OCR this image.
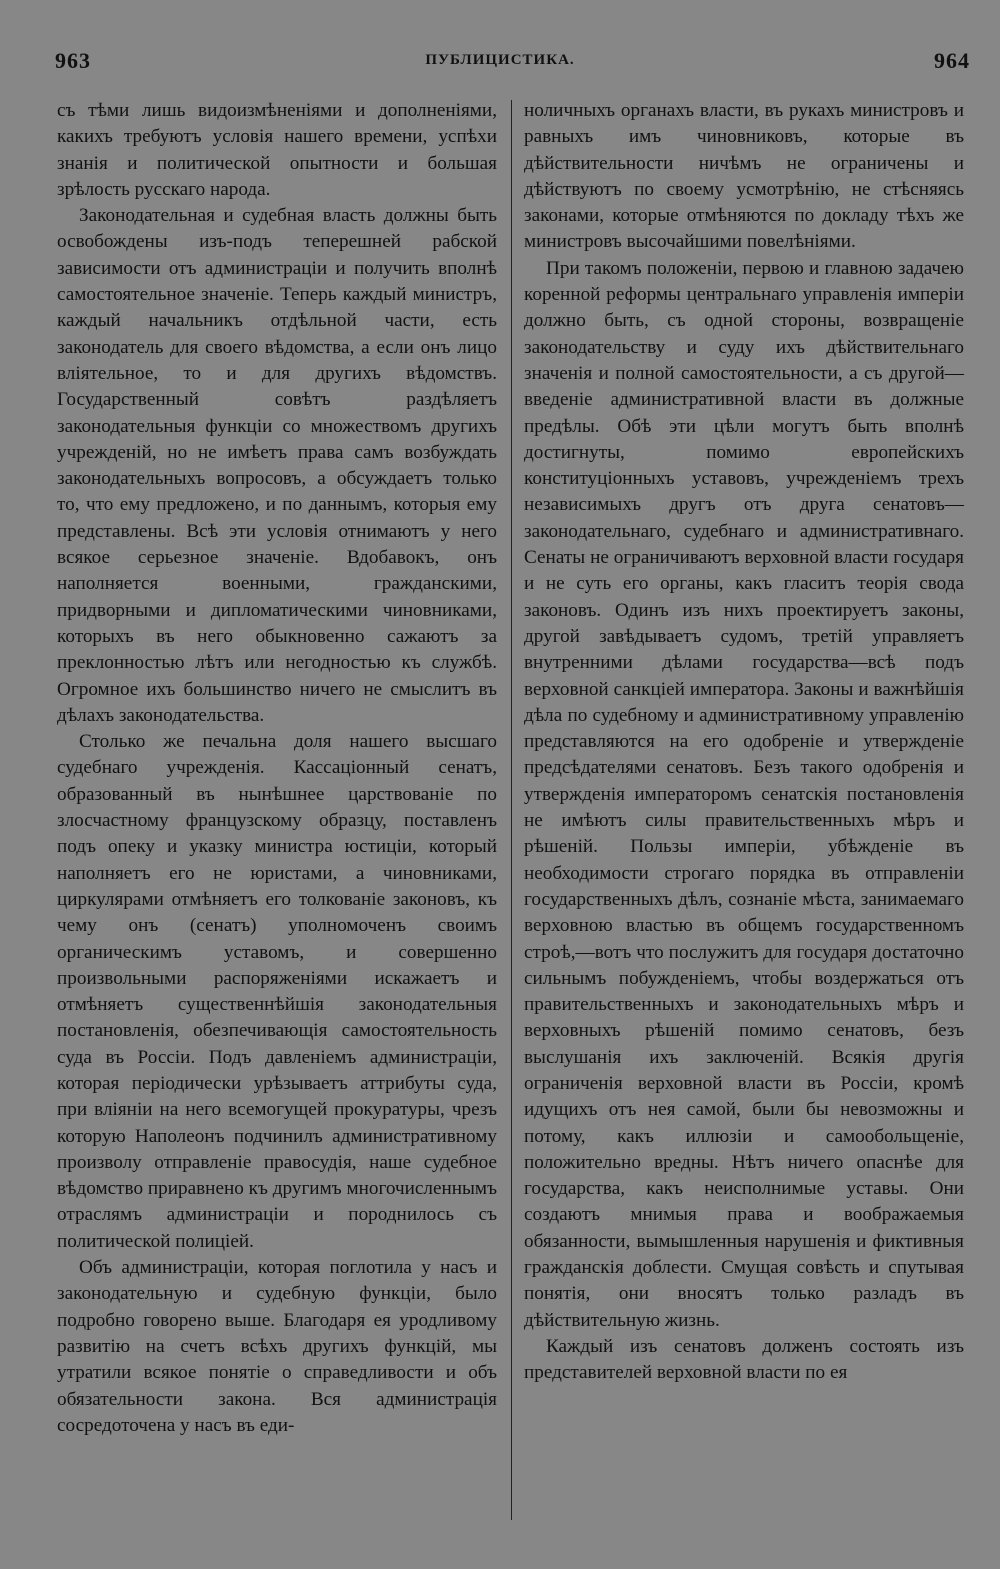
963	ПУБЛИЦИСТИКА.	964

съ тѣми лишь видоизмѣненіями и дополненіями, какихъ требуютъ условія нашего времени, успѣхи знанія и политической опытности и большая зрѣлость русскаго народа.

Законодательная и судебная власть должны быть освобождены изъ-подъ теперешней рабской зависимости отъ администраціи и получить вполнѣ самостоятельное значеніе. Теперь каждый министръ, каждый начальникъ отдѣльной части, есть законодатель для своего вѣдомства, а если онъ лицо вліятельное, то и для другихъ вѣдомствъ. Государственный совѣтъ раздѣляетъ законодательныя функціи со множествомъ другихъ учрежденій, но не имѣетъ права самъ возбуждать законодательныхъ вопросовъ, а обсуждаетъ только то, что ему предложено, и по даннымъ, которыя ему представлены. Всѣ эти условія отнимаютъ у него всякое серьезное значеніе. Вдобавокъ, онъ наполняется военными, гражданскими, придворными и дипломатическими чиновниками, которыхъ въ него обыкновенно сажаютъ за преклонностью лѣтъ или негодностью къ службѣ. Огромное ихъ большинство ничего не смыслитъ въ дѣлахъ законодательства.

Столько же печальна доля нашего высшаго судебнаго учрежденія. Кассаціонный сенатъ, образованный въ нынѣшнее царствованіе по злосчастному французскому образцу, поставленъ подъ опеку и указку министра юстиціи, который наполняетъ его не юристами, а чиновниками, циркулярами отмѣняетъ его толкованіе законовъ, къ чему онъ (сенатъ) уполномоченъ своимъ органическимъ уставомъ, и совершенно произвольными распоряженіями искажаетъ и отмѣняетъ существеннѣйшія законодательныя постановленія, обезпечивающія самостоятельность суда въ Россіи. Подъ давленіемъ администраціи, которая періодически урѣзываетъ аттрибуты суда, при вліяніи на него всемогущей прокуратуры, чрезъ которую Наполеонъ подчинилъ административному произволу отправленіе правосудія, наше судебное вѣдомство приравнено къ другимъ многочисленнымъ отраслямъ администраціи и породнилось съ политической полиціей.

Объ администраціи, которая поглотила у насъ и законодательную и судебную функціи, было подробно говорено выше. Благодаря ея уродливому развитію на счетъ всѣхъ другихъ функцій, мы утратили всякое понятіе о справедливости и объ обязательности закона. Вся администрація сосредоточена у насъ въ еди-

ноличныхъ органахъ власти, въ рукахъ министровъ и равныхъ имъ чиновниковъ, которые въ дѣйствительности ничѣмъ не ограничены и дѣйствуютъ по своему усмотрѣнію, не стѣсняясь законами, которые отмѣняются по докладу тѣхъ же министровъ высочайшими повелѣніями.

При такомъ положеніи, первою и главною задачею коренной реформы центральнаго управленія имперіи должно быть, съ одной стороны, возвращеніе законодательству и суду ихъ дѣйствительнаго значенія и полной самостоятельности, а съ другой—введеніе административной власти въ должные предѣлы. Обѣ эти цѣли могутъ быть вполнѣ достигнуты, помимо европейскихъ конституціонныхъ уставовъ, учрежденіемъ трехъ независимыхъ другъ отъ друга сенатовъ—законодательнаго, судебнаго и административнаго. Сенаты не ограничиваютъ верховной власти государя и не суть его органы, какъ гласитъ теорія свода законовъ. Одинъ изъ нихъ проектируетъ законы, другой завѣдываетъ судомъ, третій управляетъ внутренними дѣлами государства—всѣ подъ верховной санкціей императора. Законы и важнѣйшія дѣла по судебному и административному управленію представляются на его одобреніе и утвержденіе предсѣдателями сенатовъ. Безъ такого одобренія и утвержденія императоромъ сенатскія постановленія не имѣютъ силы правительственныхъ мѣръ и рѣшеній. Пользы имперіи, убѣжденіе въ необходимости строгаго порядка въ отправленіи государственныхъ дѣлъ, сознаніе мѣста, занимаемаго верховною властью въ общемъ государственномъ строѣ,—вотъ что послужитъ для государя достаточно сильнымъ побужденіемъ, чтобы воздержаться отъ правительственныхъ и законодательныхъ мѣръ и верховныхъ рѣшеній помимо сенатовъ, безъ выслушанія ихъ заключеній. Всякія другія ограниченія верховной власти въ Россіи, кромѣ идущихъ отъ нея самой, были бы невозможны и потому, какъ иллюзіи и самообольщеніе, положительно вредны. Нѣтъ ничего опаснѣе для государства, какъ неисполнимые уставы. Они создаютъ мнимыя права и воображаемыя обязанности, вымышленныя нарушенія и фиктивныя гражданскія доблести. Смущая совѣсть и спутывая понятія, они вносятъ только разладъ въ дѣйствительную жизнь.

Каждый изъ сенатовъ долженъ состоять изъ представителей верховной власти по ея
